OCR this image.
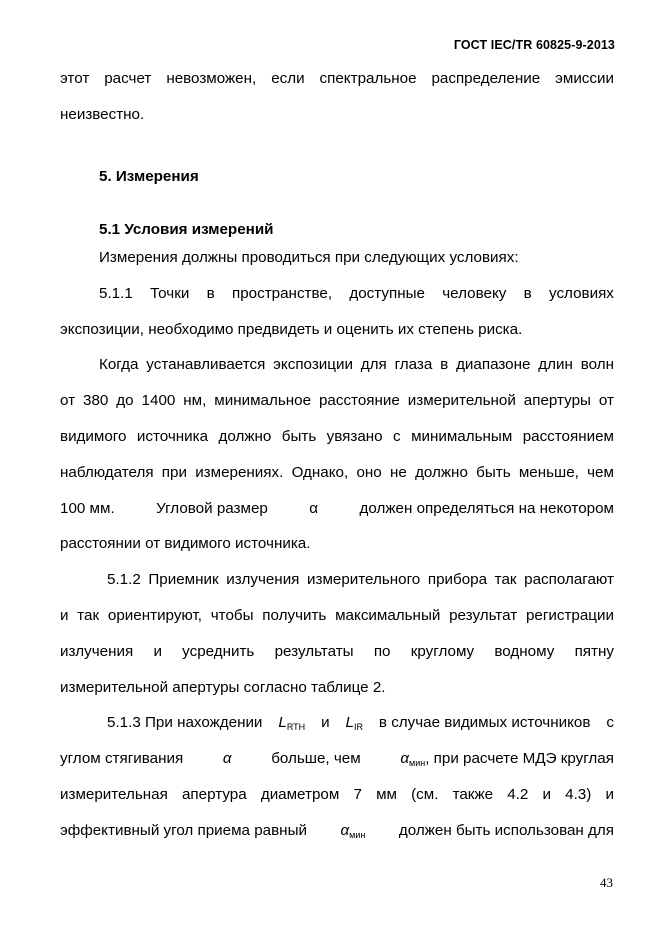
ГОСТ IEC/TR 60825-9-2013
этот расчет невозможен, если спектральное распределение эмиссии
неизвестно.
5. Измерения
5.1 Условия измерений
Измерения должны проводиться при следующих условиях:
5.1.1 Точки в пространстве, доступные человеку в условиях
экспозиции, необходимо предвидеть и оценить их степень риска.
Когда устанавливается экспозиции для глаза в диапазоне длин волн
от 380 до 1400 нм, минимальное расстояние измерительной апертуры от
видимого источника должно быть увязано с минимальным расстоянием
наблюдателя при измерениях. Однако, оно не должно быть меньше, чем
100 мм.	Угловой размер	α	должен определяться на некотором
расстоянии от видимого источника.
5.1.2 Приемник излучения измерительного прибора так располагают
и так ориентируют, чтобы получить максимальный результат регистрации
излучения и усреднить результаты по круглому водному пятну
измерительной апертуры согласно таблице 2.
5.1.3 При нахождении $L_{RTH}$ и $L_{IR}$ в случае видимых источников с
углом стягивания	α	больше, чем	$\alpha_{мин}$, при расчете МДЭ круглая
измерительная апертура диаметром 7 мм (см. также 4.2 и 4.3) и
эффективный угол приема равный $\alpha_{мин}$ должен быть использован для
43
